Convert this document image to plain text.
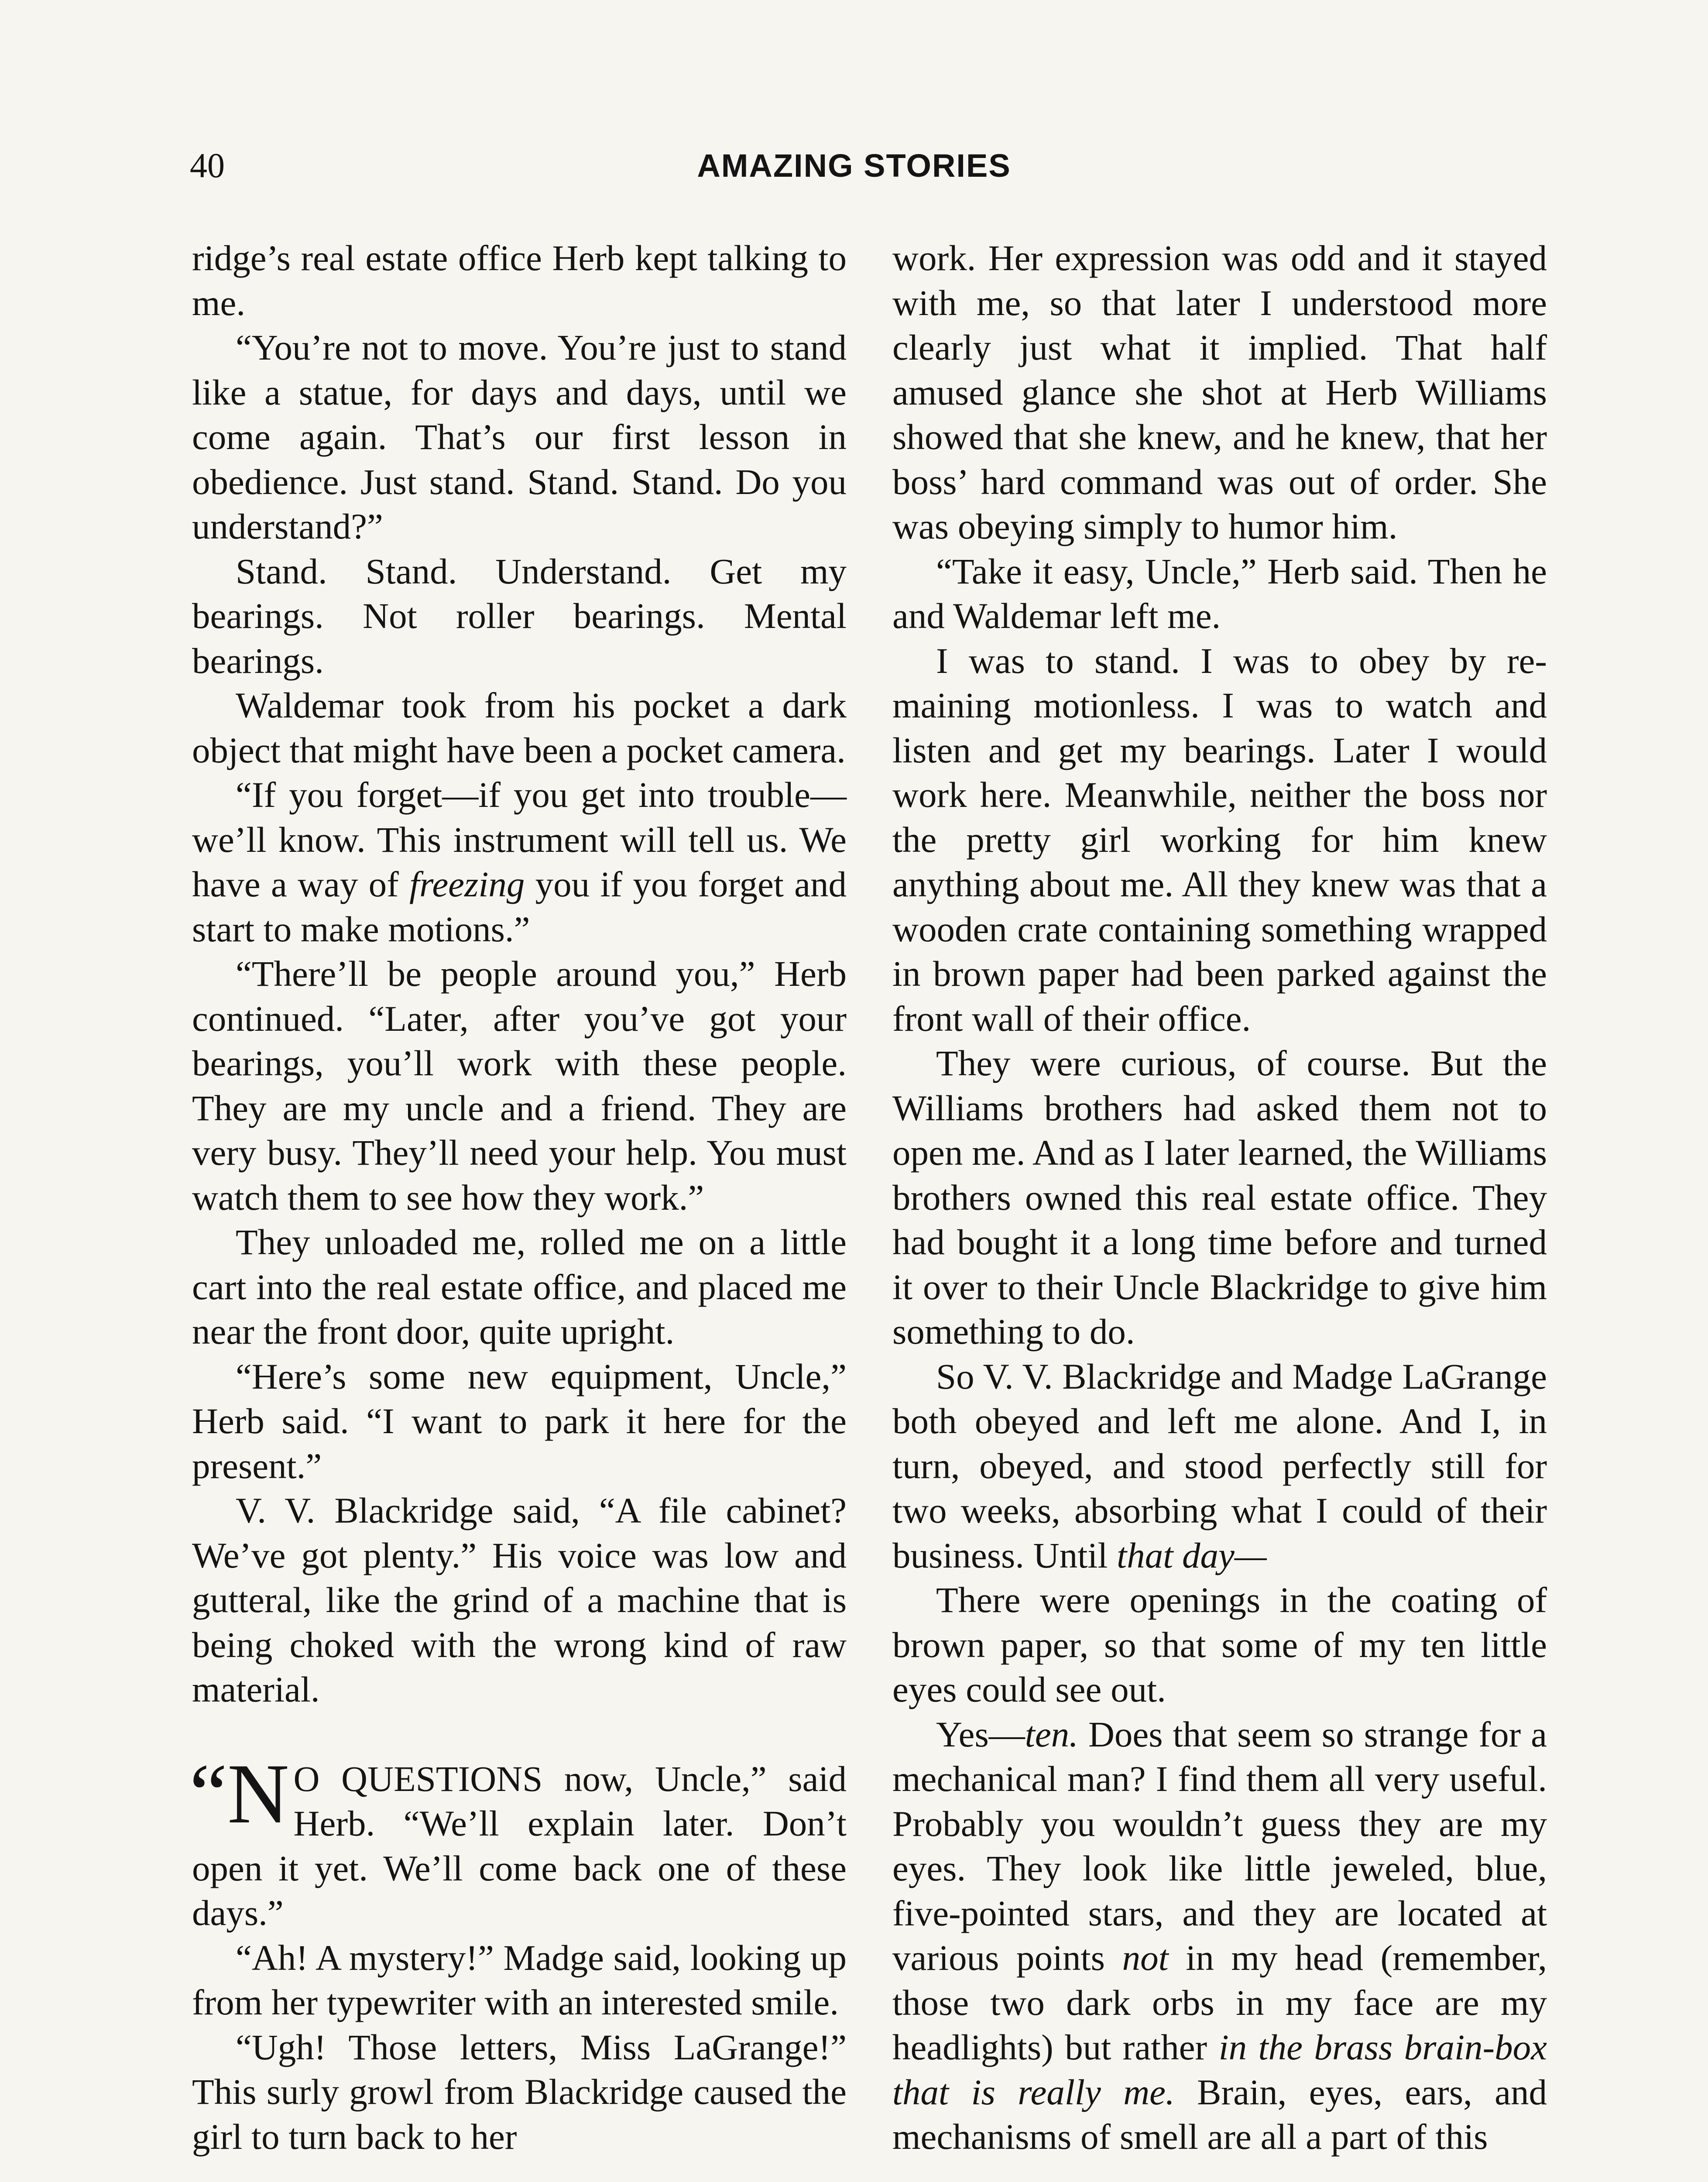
40	AMAZING STORIES

ridge’s real estate office Herb kept talking to me.

“You’re not to move. You’re just to stand like a statue, for days and days, until we come again. That’s our first lesson in obedience. Just stand. Stand. Stand. Do you understand?”

Stand. Stand. Understand. Get my bearings. Not roller bearings. Mental bearings.

Waldemar took from his pocket a dark object that might have been a pocket camera.

“If you forget—if you get into trouble—we’ll know. This instrument will tell us. We have a way of freezing you if you forget and start to make motions.”

“There’ll be people around you,” Herb continued. “Later, after you’ve got your bearings, you’ll work with these people. They are my uncle and a friend. They are very busy. They’ll need your help. You must watch them to see how they work.”

They unloaded me, rolled me on a little cart into the real estate office, and placed me near the front door, quite upright.

“Here’s some new equipment, Uncle,” Herb said. “I want to park it here for the present.”

V. V. Blackridge said, “A file cabinet? We’ve got plenty.” His voice was low and gutteral, like the grind of a machine that is being choked with the wrong kind of raw material.

“N O QUESTIONS now, Uncle,” said Herb. “We’ll explain later. Don’t open it yet. We’ll come back one of these days.”

“Ah! A mystery!” Madge said, looking up from her typewriter with an interested smile.

“Ugh! Those letters, Miss LaGrange!” This surly growl from Blackridge caused the girl to turn back to her

work. Her expression was odd and it stayed with me, so that later I understood more clearly just what it implied. That half amused glance she shot at Herb Williams showed that she knew, and he knew, that her boss’ hard command was out of order. She was obeying simply to humor him.

“Take it easy, Uncle,” Herb said. Then he and Waldemar left me.

I was to stand. I was to obey by remaining motionless. I was to watch and listen and get my bearings. Later I would work here. Meanwhile, neither the boss nor the pretty girl working for him knew anything about me. All they knew was that a wooden crate containing something wrapped in brown paper had been parked against the front wall of their office.

They were curious, of course. But the Williams brothers had asked them not to open me. And as I later learned, the Williams brothers owned this real estate office. They had bought it a long time before and turned it over to their Uncle Blackridge to give him something to do.

So V. V. Blackridge and Madge LaGrange both obeyed and left me alone. And I, in turn, obeyed, and stood perfectly still for two weeks, absorbing what I could of their business. Until that day—

There were openings in the coating of brown paper, so that some of my ten little eyes could see out.

Yes—ten. Does that seem so strange for a mechanical man? I find them all very useful. Probably you wouldn’t guess they are my eyes. They look like little jeweled, blue, five-pointed stars, and they are located at various points not in my head (remember, those two dark orbs in my face are my headlights) but rather in the brass brain-box that is really me. Brain, eyes, ears, and mechanisms of smell are all a part of this
